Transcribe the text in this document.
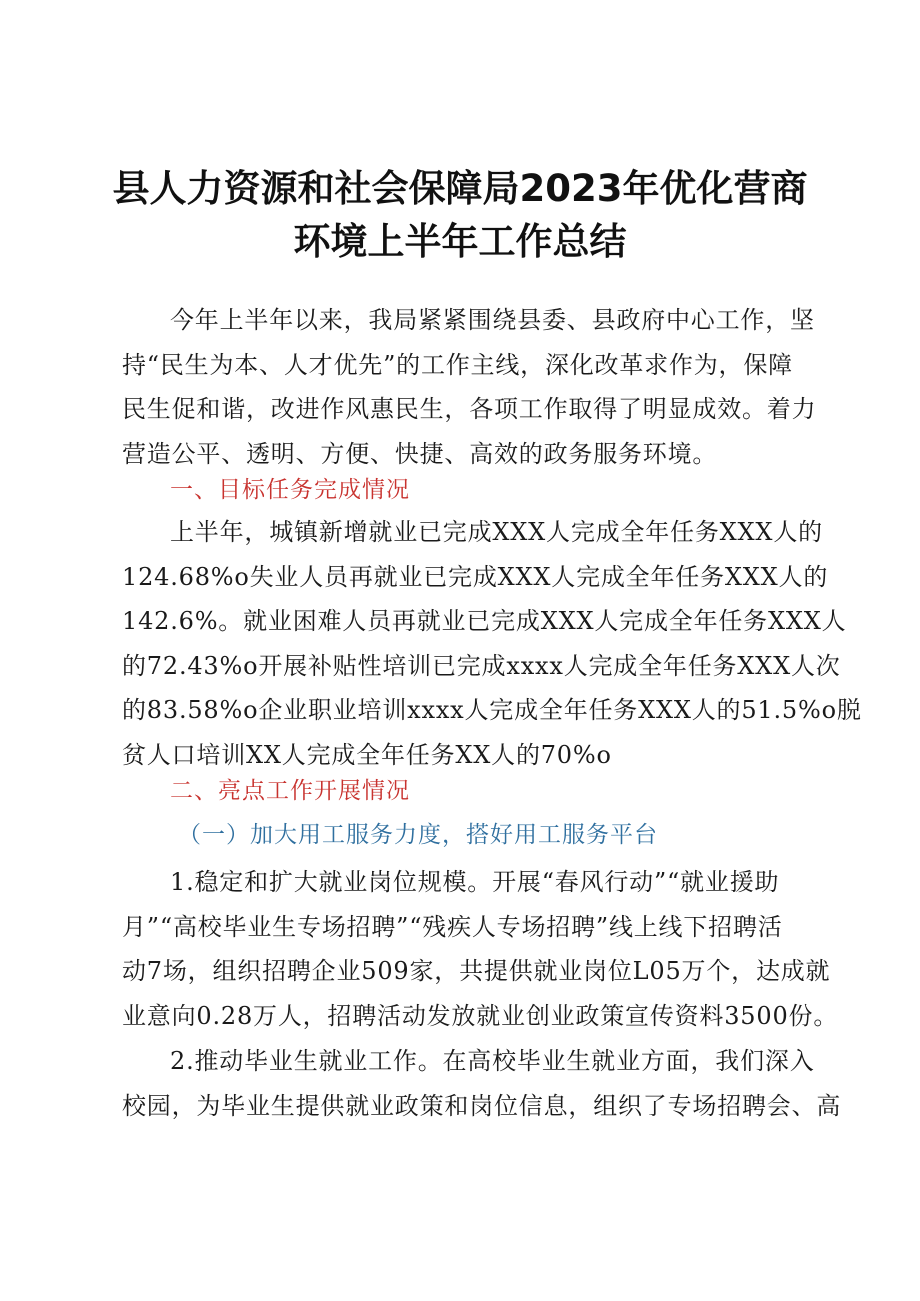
县人力资源和社会保障局2023年优化营商
环境上半年工作总结
今年上半年以来，我局紧紧围绕县委、县政府中心工作，坚
持“民生为本、人才优先”的工作主线，深化改革求作为，保障
民生促和谐，改进作风惠民生，各项工作取得了明显成效。着力
营造公平、透明、方便、快捷、高效的政务服务环境。

一、目标任务完成情况

上半年，城镇新增就业已完成XXX人完成全年任务XXX人的
124.68%o失业人员再就业已完成XXX人完成全年任务XXX人的
142.6%。就业困难人员再就业已完成XXX人完成全年任务XXX人
的72.43%o开展补贴性培训已完成xxxx人完成全年任务XXX人次
的83.58%o企业职业培训xxxx人完成全年任务XXX人的51.5%o脱
贫人口培训XX人完成全年任务XX人的70%o

二、亮点工作开展情况

（一）加大用工服务力度，搭好用工服务平台

1.稳定和扩大就业岗位规模。开展“春风行动”“就业援助
月”“高校毕业生专场招聘”“残疾人专场招聘”线上线下招聘活
动7场，组织招聘企业509家，共提供就业岗位L05万个，达成就
业意向0.28万人，招聘活动发放就业创业政策宣传资料3500份。
2.推动毕业生就业工作。在高校毕业生就业方面，我们深入
校园，为毕业生提供就业政策和岗位信息，组织了专场招聘会、高
